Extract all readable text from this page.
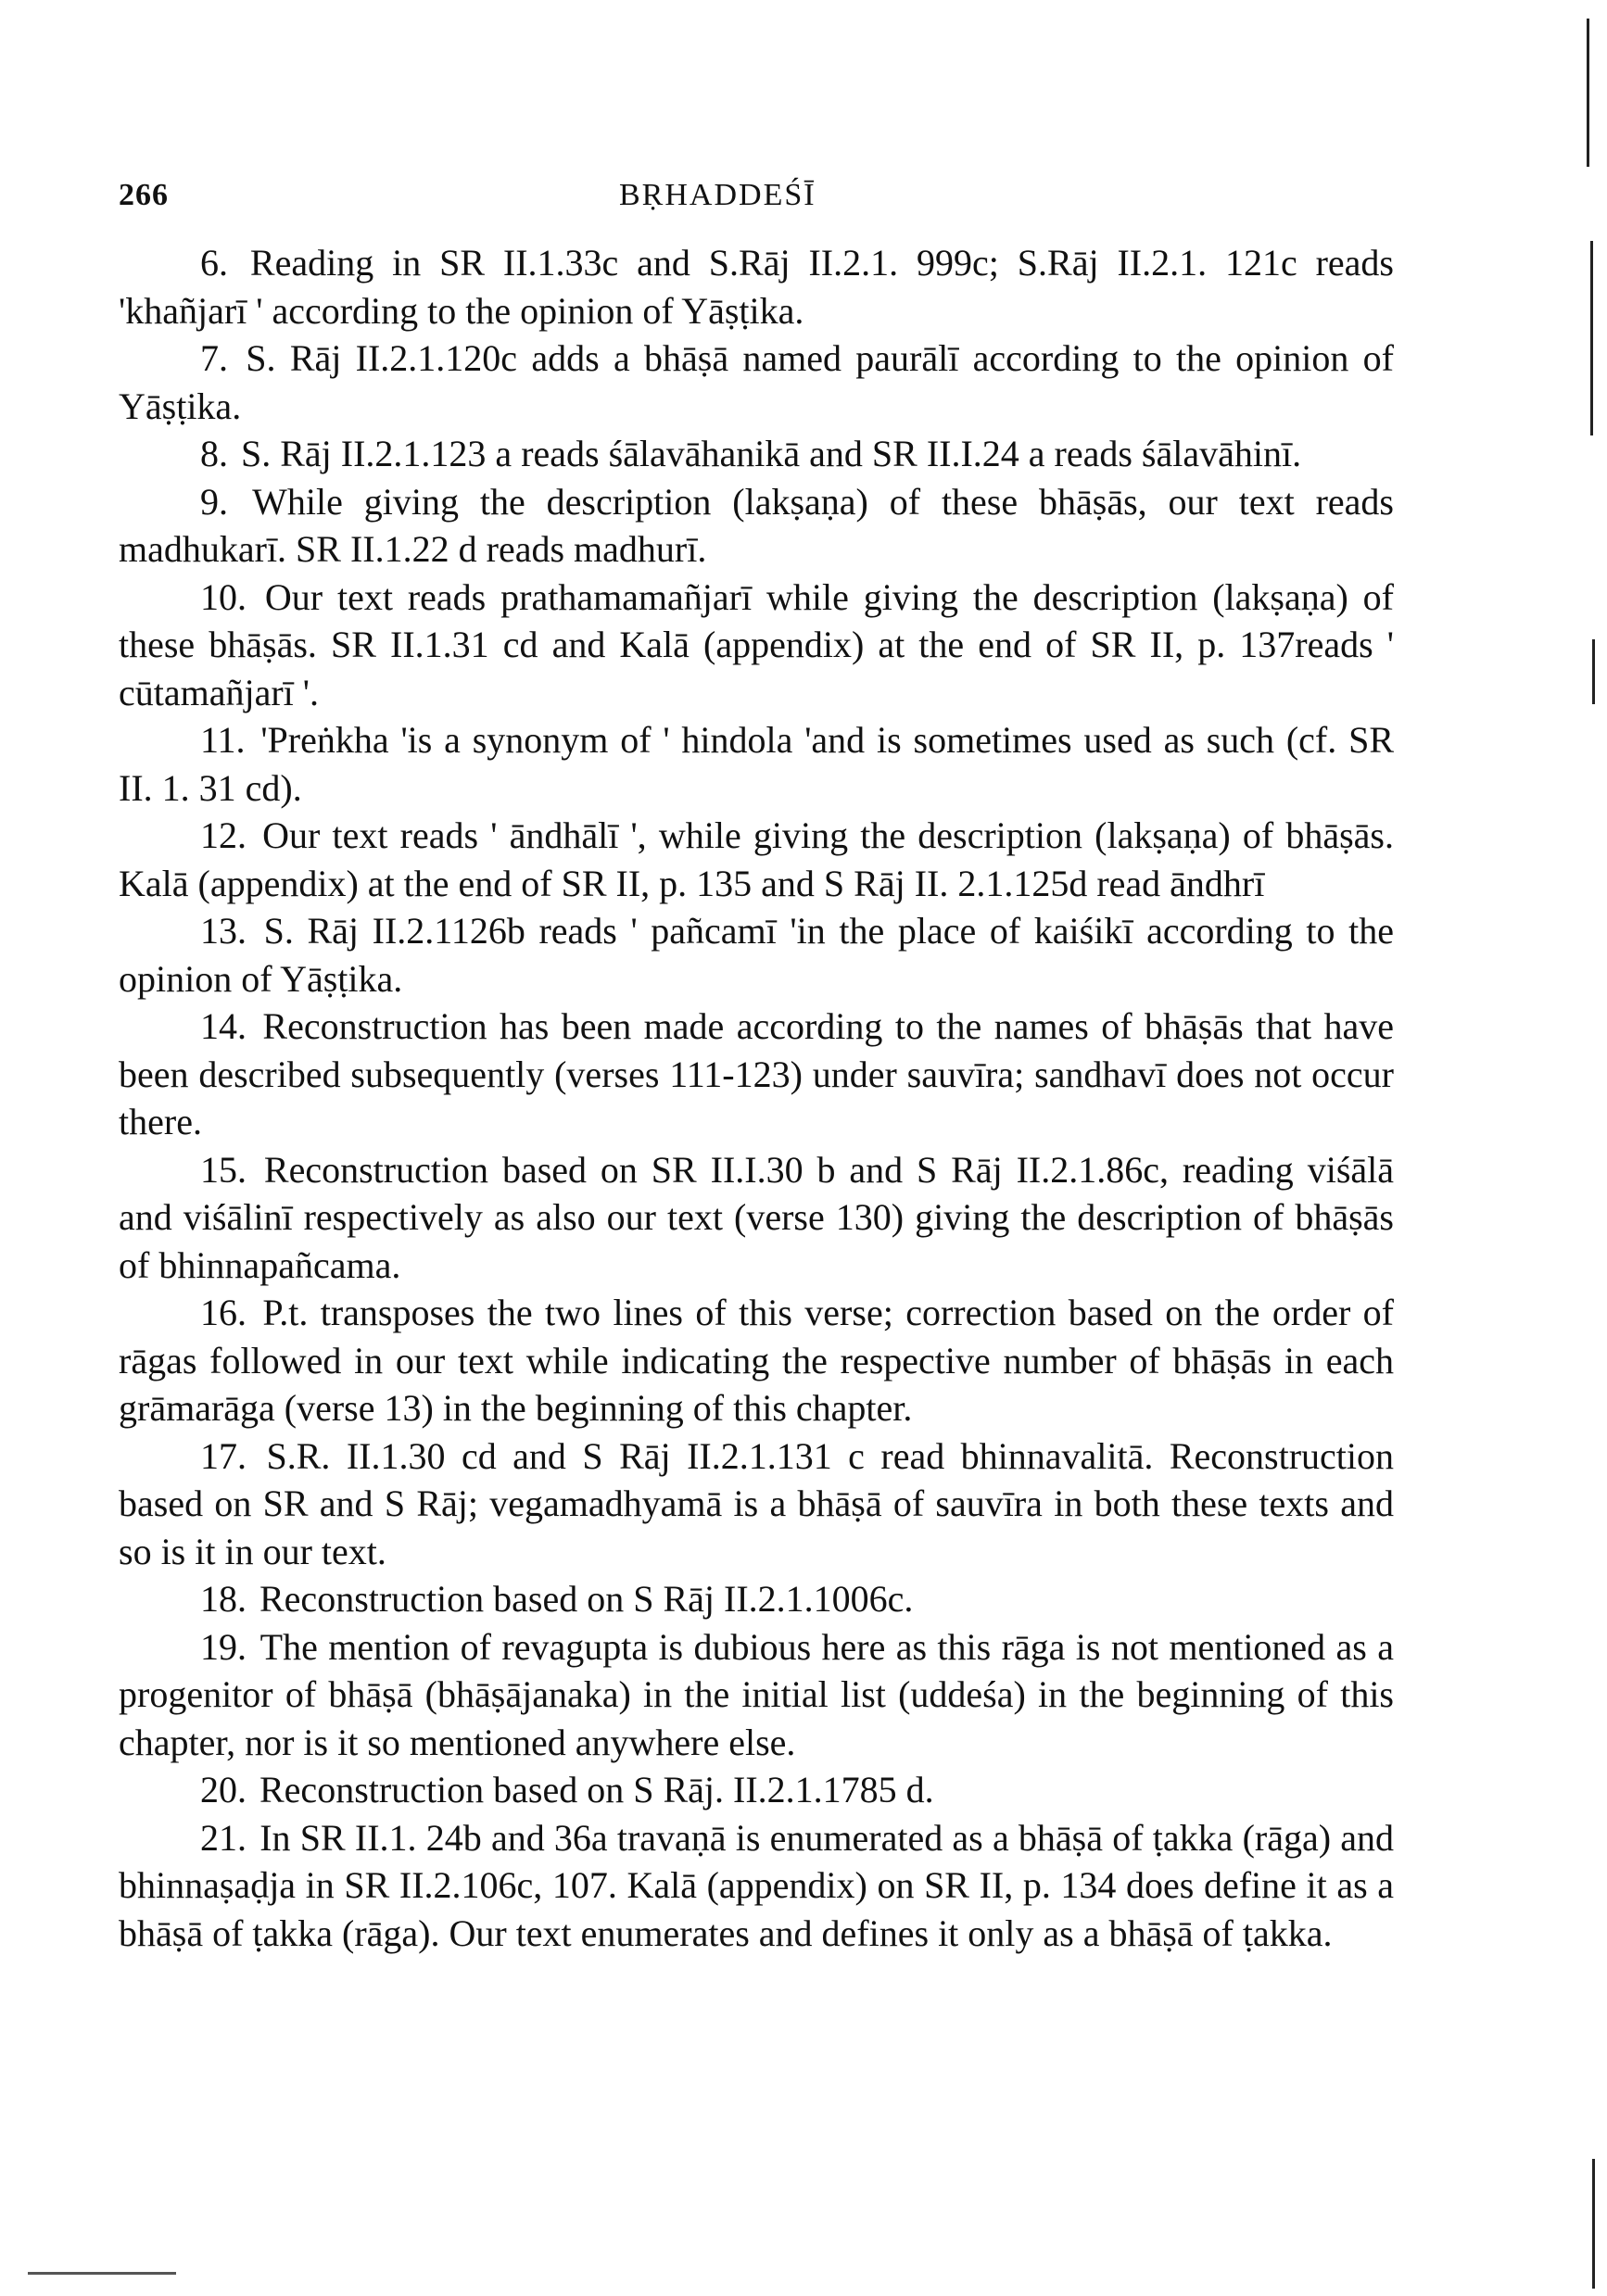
266	BṚHADDEŚĪ

6. Reading in SR II.1.33c and S.Rāj II.2.1. 999c; S.Rāj II.2.1. 121c reads 'khañjarī ' according to the opinion of Yāṣṭika.

7. S. Rāj II.2.1.120c adds a bhāṣā named paurālī according to the opinion of Yāṣṭika.

8. S. Rāj II.2.1.123 a reads śālavāhanikā and SR II.I.24 a reads śālavāhinī.

9. While giving the description (lakṣaṇa) of these bhāṣās, our text reads madhukarī. SR II.1.22 d reads madhurī.

10. Our text reads prathamamañjarī while giving the description (lakṣaṇa) of these bhāṣās. SR II.1.31 cd and Kalā (appendix) at the end of SR II, p. 137reads ' cūtamañjarī '.

11. 'Preṅkha 'is a synonym of ' hindola 'and is sometimes used as such (cf. SR II. 1. 31 cd).

12. Our text reads ' āndhālī ', while giving the description (lakṣaṇa) of bhāṣās. Kalā (appendix) at the end of SR II, p. 135 and S Rāj II. 2.1.125d read āndhrī

13. S. Rāj II.2.1126b reads ' pañcamī 'in the place of kaiśikī according to the opinion of Yāṣṭika.

14. Reconstruction has been made according to the names of bhāṣās that have been described subsequently (verses 111-123) under sauvīra; sandhavī does not occur there.

15. Reconstruction based on SR II.I.30 b and S Rāj II.2.1.86c, reading viśālā and viśālinī respectively as also our text (verse 130) giving the description of bhāṣās of bhinnapañcama.

16. P.t. transposes the two lines of this verse; correction based on the order of rāgas followed in our text while indicating the respective number of bhāṣās in each grāmarāga (verse 13) in the beginning of this chapter.

17. S.R. II.1.30 cd and S Rāj II.2.1.131 c read bhinnavalitā. Reconstruction based on SR and S Rāj; vegamadhyamā is a bhāṣā of sauvīra in both these texts and so is it in our text.

18. Reconstruction based on S Rāj II.2.1.1006c.

19. The mention of revagupta is dubious here as this rāga is not mentioned as a progenitor of bhāṣā (bhāṣājanaka) in the initial list (uddeśa) in the beginning of this chapter, nor is it so mentioned anywhere else.

20. Reconstruction based on S Rāj. II.2.1.1785 d.

21. In SR II.1. 24b and 36a travaṇā is enumerated as a bhāṣā of ṭakka (rāga) and bhinnaṣaḍja in SR II.2.106c, 107. Kalā (appendix) on SR II, p. 134 does define it as a bhāṣā of ṭakka (rāga). Our text enumerates and defines it only as a bhāṣā of ṭakka.
